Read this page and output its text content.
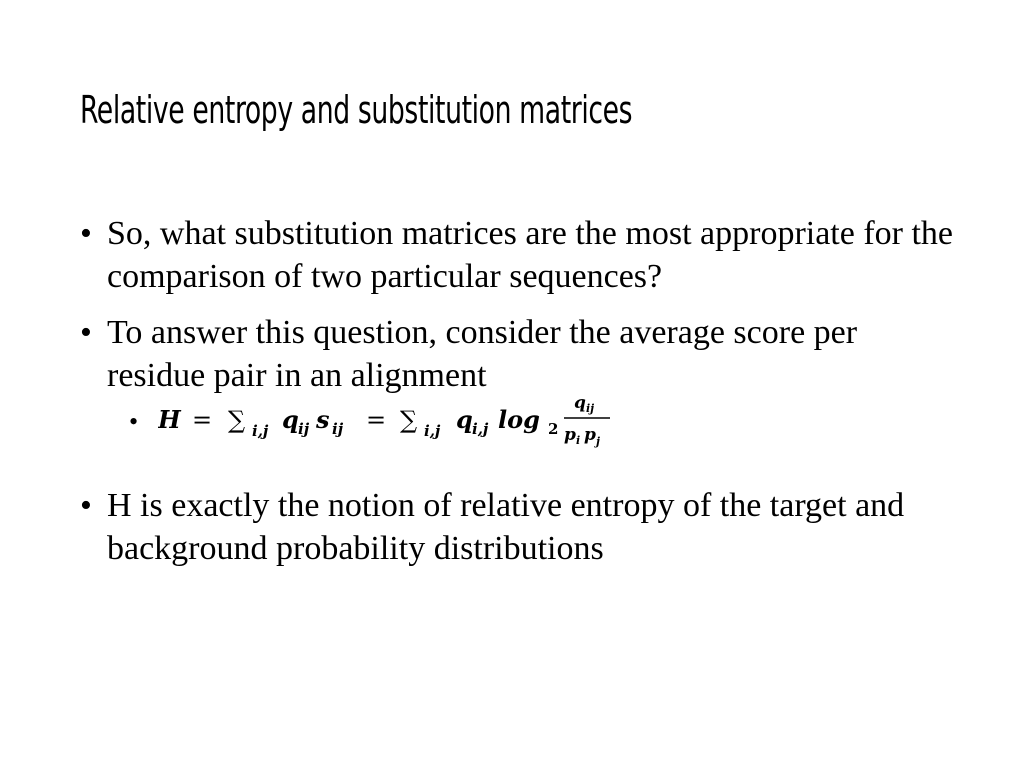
Relative entropy and substitution matrices
• So, what substitution matrices are the most appropriate for the comparison of two particular sequences?
• To answer this question, consider the average score per residue pair in an alignment
• H = ∑ i,j q ij s ij = ∑ i,j q i,j log 2
q ij
p i p j
• H is exactly the notion of relative entropy of the target and background probability distributions
